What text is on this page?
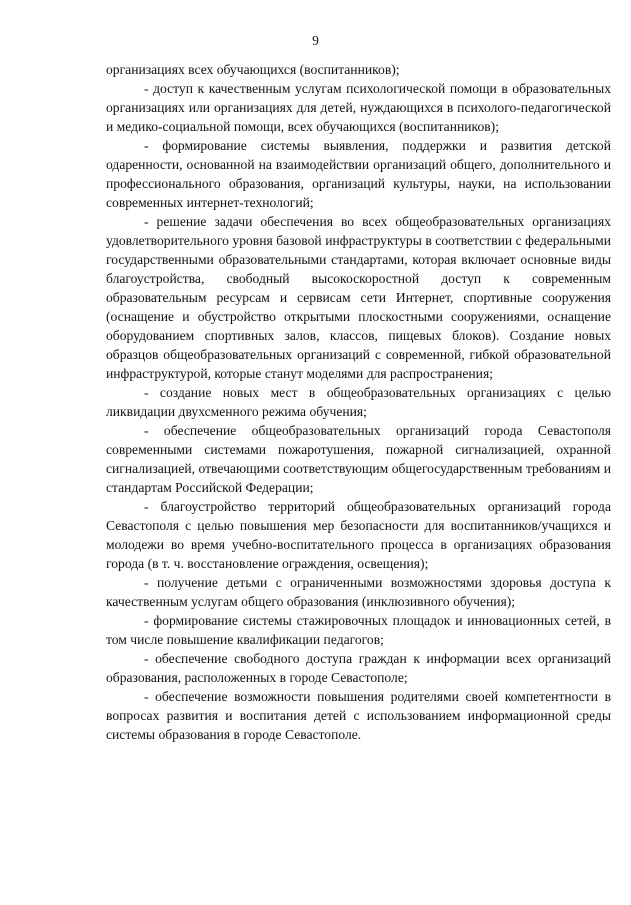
9

организациях всех обучающихся (воспитанников);

- доступ к качественным услугам психологической помощи в образовательных организациях или организациях для детей, нуждающихся в психолого-педагогической и медико-социальной помощи, всех обучающихся (воспитанников);

- формирование системы выявления, поддержки и развития детской одаренности, основанной на взаимодействии организаций общего, дополнительного и профессионального образования, организаций культуры, науки, на использовании современных интернет-технологий;

- решение задачи обеспечения во всех общеобразовательных организациях удовлетворительного уровня базовой инфраструктуры в соответствии с федеральными государственными образовательными стандартами, которая включает основные виды благоустройства, свободный высокоскоростной доступ к современным образовательным ресурсам и сервисам сети Интернет, спортивные сооружения (оснащение и обустройство открытыми плоскостными сооружениями, оснащение оборудованием спортивных залов, классов, пищевых блоков). Создание новых образцов общеобразовательных организаций с современной, гибкой образовательной инфраструктурой, которые станут моделями для распространения;

- создание новых мест в общеобразовательных организациях с целью ликвидации двухсменного режима обучения;

- обеспечение общеобразовательных организаций города Севастополя современными системами пожаротушения, пожарной сигнализацией, охранной сигнализацией, отвечающими соответствующим общегосударственным требованиям и стандартам Российской Федерации;

- благоустройство территорий общеобразовательных организаций города Севастополя с целью повышения мер безопасности для воспитанников/учащихся и молодежи во время учебно-воспитательного процесса в организациях образования города (в т. ч. восстановление ограждения, освещения);

- получение детьми с ограниченными возможностями здоровья доступа к качественным услугам общего образования (инклюзивного обучения);

- формирование системы стажировочных площадок и инновационных сетей, в том числе повышение квалификации педагогов;

- обеспечение свободного доступа граждан к информации всех организаций образования, расположенных в городе Севастополе;

- обеспечение возможности повышения родителями своей компетентности в вопросах развития и воспитания детей с использованием информационной среды системы образования в городе Севастополе.
